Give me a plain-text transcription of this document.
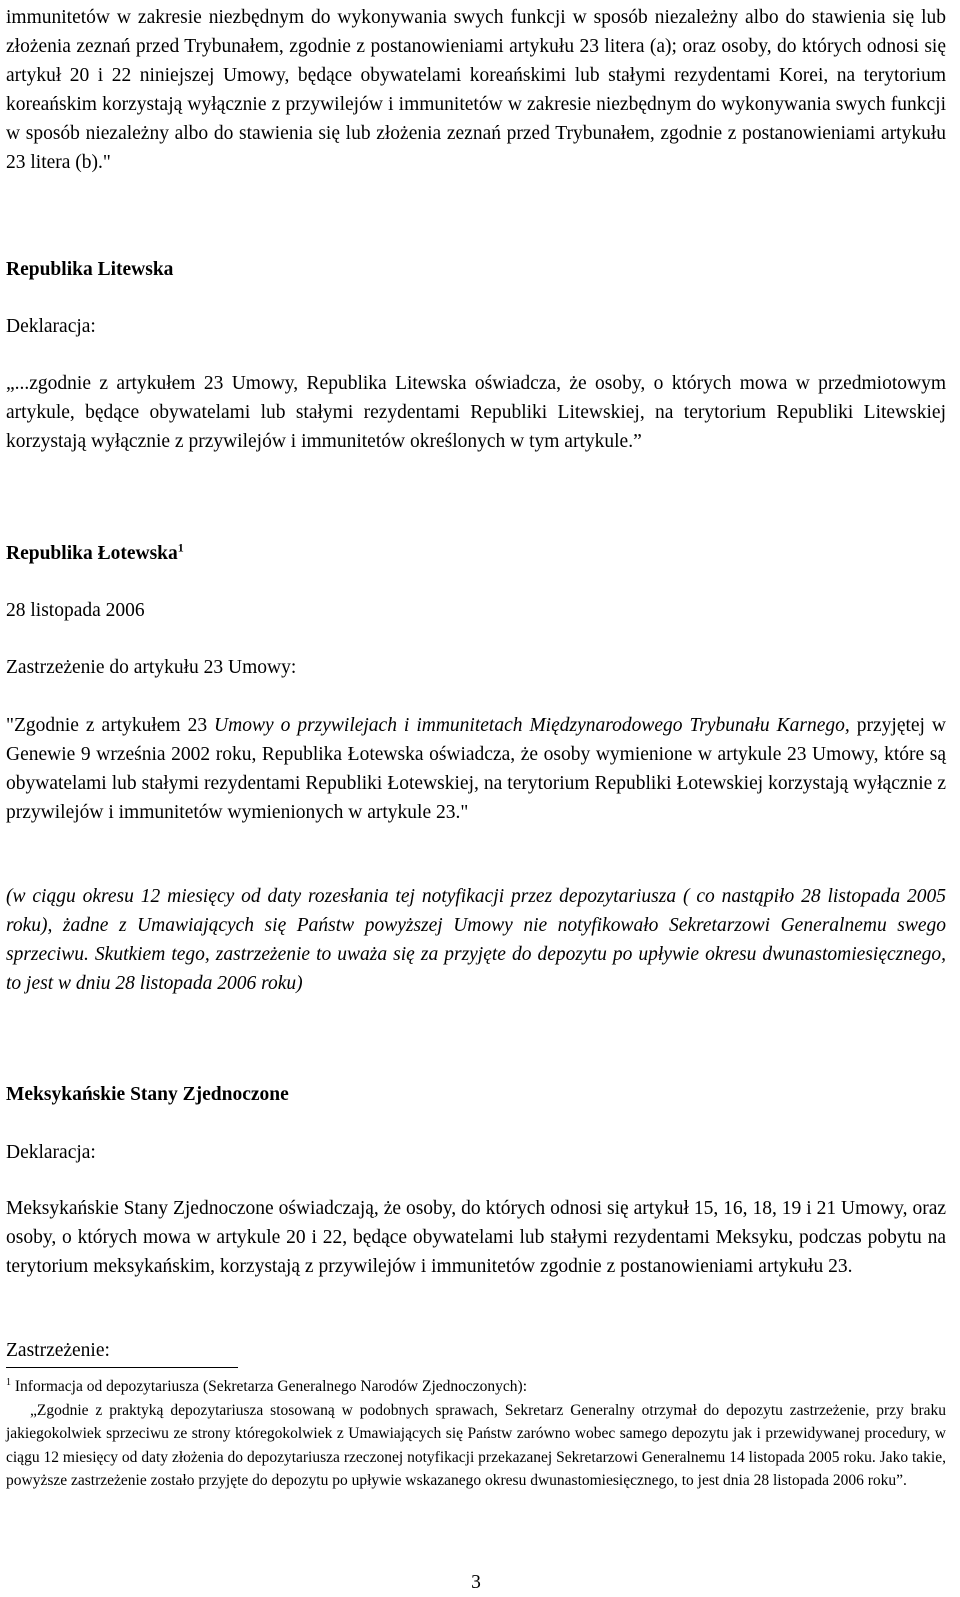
immunitetów w zakresie niezbędnym do wykonywania swych funkcji w sposób niezależny albo do stawienia się lub złożenia zeznań przed Trybunałem, zgodnie z postanowieniami artykułu 23 litera (a); oraz osoby, do których odnosi się artykuł 20 i 22 niniejszej Umowy, będące obywatelami koreańskimi lub stałymi rezydentami Korei, na terytorium koreańskim korzystają wyłącznie z przywilejów i immunitetów w zakresie niezbędnym do wykonywania swych funkcji w sposób niezależny albo do stawienia się lub złożenia zeznań przed Trybunałem, zgodnie z postanowieniami artykułu 23 litera (b)."

Republika Litewska

Deklaracja:

„...zgodnie z artykułem 23 Umowy, Republika Litewska oświadcza, że osoby, o których mowa w przedmiotowym artykule, będące obywatelami lub stałymi rezydentami Republiki Litewskiej, na terytorium Republiki Litewskiej korzystają wyłącznie z przywilejów i immunitetów określonych w tym artykule.”

Republika Łotewska$^1$

28 listopada 2006

Zastrzeżenie do artykułu 23 Umowy:

"Zgodnie z artykułem 23 Umowy o przywilejach i immunitetach Międzynarodowego Trybunału Karnego, przyjętej w Genewie 9 września 2002 roku, Republika Łotewska oświadcza, że osoby wymienione w artykule 23 Umowy, które są obywatelami lub stałymi rezydentami Republiki Łotewskiej, na terytorium Republiki Łotewskiej korzystają wyłącznie z przywilejów i immunitetów wymienionych w artykule 23."

(w ciągu okresu 12 miesięcy od daty rozesłania tej notyfikacji przez depozytariusza ( co nastąpiło 28 listopada 2005 roku), żadne z Umawiających się Państw powyższej Umowy nie notyfikowało Sekretarzowi Generalnemu swego sprzeciwu. Skutkiem tego, zastrzeżenie to uważa się za przyjęte do depozytu po upływie okresu dwunastomiesięcznego, to jest w dniu 28 listopada 2006 roku)

Meksykańskie Stany Zjednoczone

Deklaracja:

Meksykańskie Stany Zjednoczone oświadczają, że osoby, do których odnosi się artykuł 15, 16, 18, 19 i 21 Umowy, oraz osoby, o których mowa w artykule 20 i 22, będące obywatelami lub stałymi rezydentami Meksyku, podczas pobytu na terytorium meksykańskim, korzystają z przywilejów i immunitetów zgodnie z postanowieniami artykułu 23.

Zastrzeżenie:

$^1$ Informacja od depozytariusza (Sekretarza Generalnego Narodów Zjednoczonych):

„Zgodnie z praktyką depozytariusza stosowaną w podobnych sprawach, Sekretarz Generalny otrzymał do depozytu zastrzeżenie, przy braku jakiegokolwiek sprzeciwu ze strony któregokolwiek z Umawiających się Państw zarówno wobec samego depozytu jak i przewidywanej procedury, w ciągu 12 miesięcy od daty złożenia do depozytariusza rzeczonej notyfikacji przekazanej Sekretarzowi Generalnemu 14 listopada 2005 roku. Jako takie, powyższe zastrzeżenie zostało przyjęte do depozytu po upływie wskazanego okresu dwunastomiesięcznego, to jest dnia 28 listopada 2006 roku”.

3
